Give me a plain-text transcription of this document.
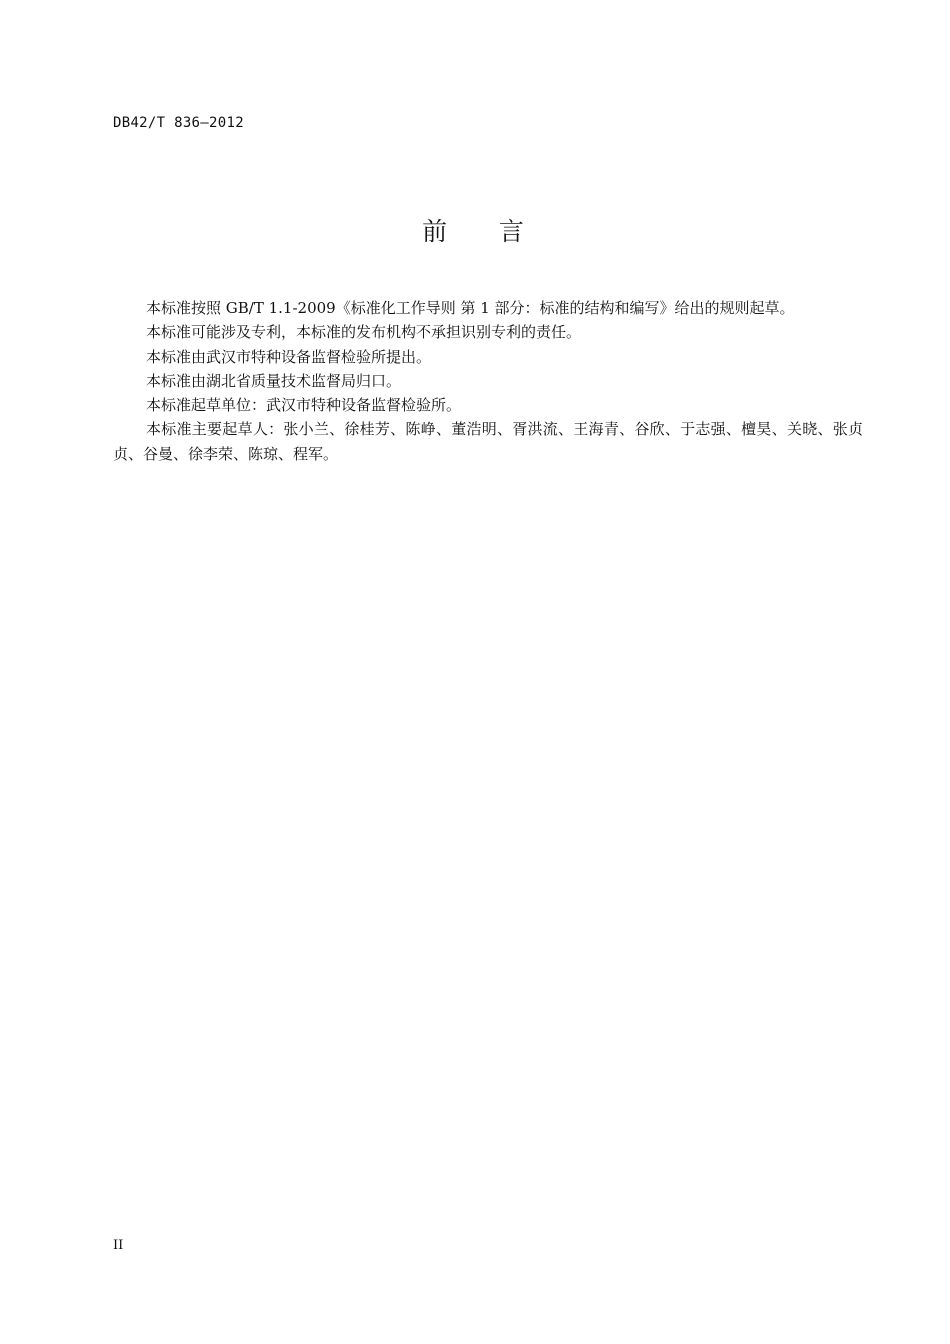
DB42/T 836—2012
前    言

本标准按照 GB/T 1.1-2009《标准化工作导则 第 1 部分：标准的结构和编写》给出的规则起草。

本标准可能涉及专利，本标准的发布机构不承担识别专利的责任。

本标准由武汉市特种设备监督检验所提出。

本标准由湖北省质量技术监督局归口。

本标准起草单位：武汉市特种设备监督检验所。

本标准主要起草人：张小兰、徐桂芳、陈峥、董浩明、胥洪流、王海青、谷欣、于志强、檀昊、关晓、张贞贞、谷曼、徐李荣、陈琼、程军。

II
